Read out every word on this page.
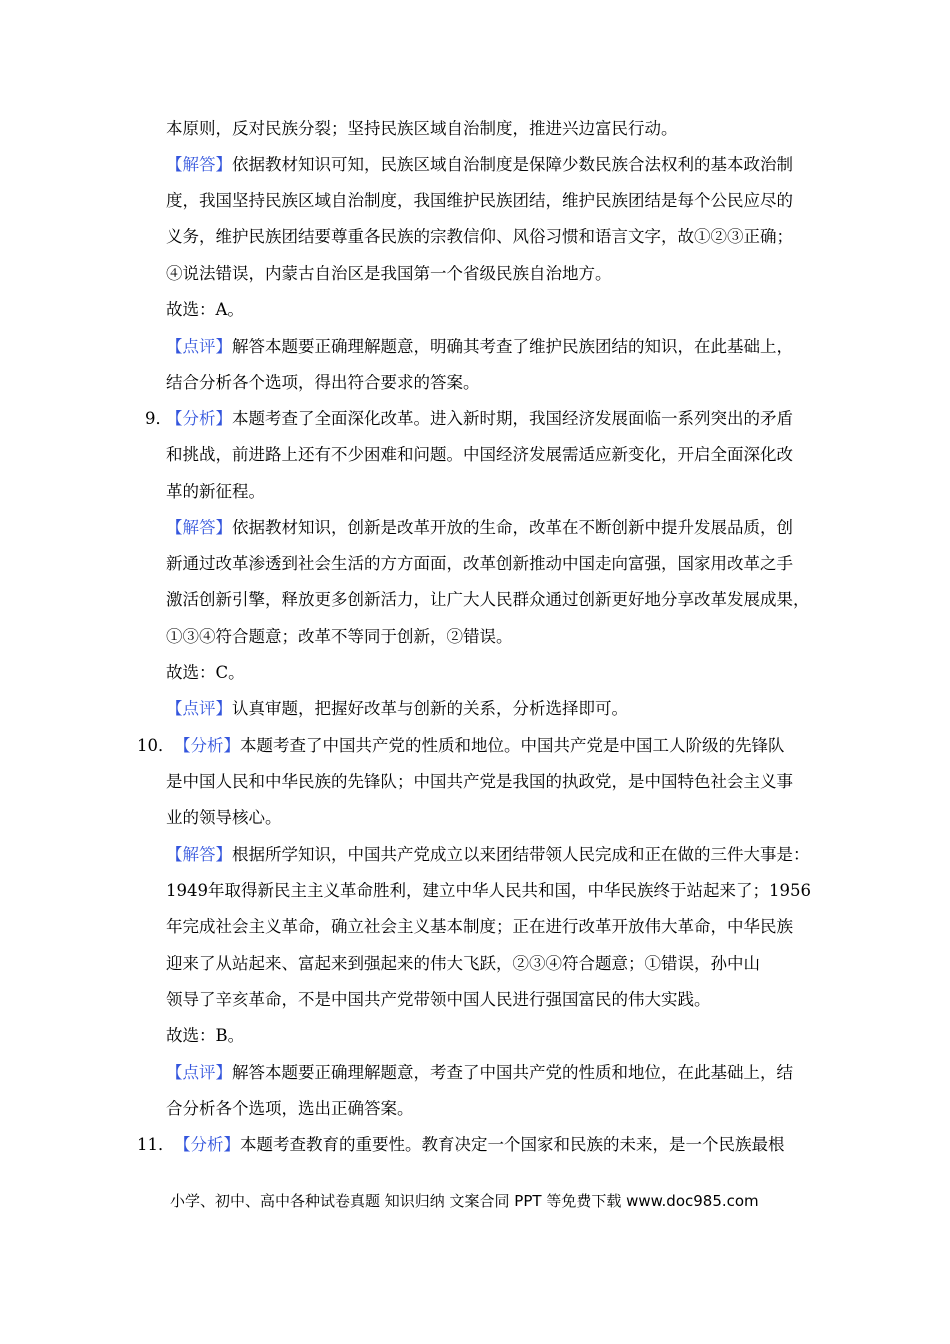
本原则，反对民族分裂；坚持民族区域自治制度，推进兴边富民行动。
【解答】依据教材知识可知，民族区域自治制度是保障少数民族合法权利的基本政治制
度，我国坚持民族区域自治制度，我国维护民族团结，维护民族团结是每个公民应尽的
义务，维护民族团结要尊重各民族的宗教信仰、风俗习惯和语言文字，故①②③正确；
④说法错误，内蒙古自治区是我国第一个省级民族自治地方。
故选：A。
【点评】解答本题要正确理解题意，明确其考查了维护民族团结的知识，在此基础上，
结合分析各个选项，得出符合要求的答案。
9．
【分析】本题考查了全面深化改革。进入新时期，我国经济发展面临一系列突出的矛盾
和挑战，前进路上还有不少困难和问题。中国经济发展需适应新变化，开启全面深化改
革的新征程。
【解答】依据教材知识，创新是改革开放的生命，改革在不断创新中提升发展品质，创
新通过改革渗透到社会生活的方方面面，改革创新推动中国走向富强，国家用改革之手
激活创新引擎，释放更多创新活力，让广大人民群众通过创新更好地分享改革发展成果，
①③④符合题意；改革不等同于创新，②错误。
故选：C。
【点评】认真审题，把握好改革与创新的关系，分析选择即可。
10． 【分析】本题考查了中国共产党的性质和地位。中国共产党是中国工人阶级的先锋队
是中国人民和中华民族的先锋队；中国共产党是我国的执政党，是中国特色社会主义事
业的领导核心。
【解答】根据所学知识，中国共产党成立以来团结带领人民完成和正在做的三件大事是：
1949年取得新民主主义革命胜利，建立中华人民共和国，中华民族终于站起来了；1956
年完成社会主义革命，确立社会主义基本制度；正在进行改革开放伟大革命，中华民族
迎来了从站起来、富起来到强起来的伟大飞跃，②③④符合题意；①错误，孙中山
领导了辛亥革命，不是中国共产党带领中国人民进行强国富民的伟大实践。
故选：B。
【点评】解答本题要正确理解题意，考查了中国共产党的性质和地位，在此基础上，结
合分析各个选项，选出正确答案。
11． 【分析】本题考查教育的重要性。教育决定一个国家和民族的未来，是一个民族最根
小学、初中、高中各种试卷真题 知识归纳 文案合同 PPT 等免费下载 www.doc985.com
